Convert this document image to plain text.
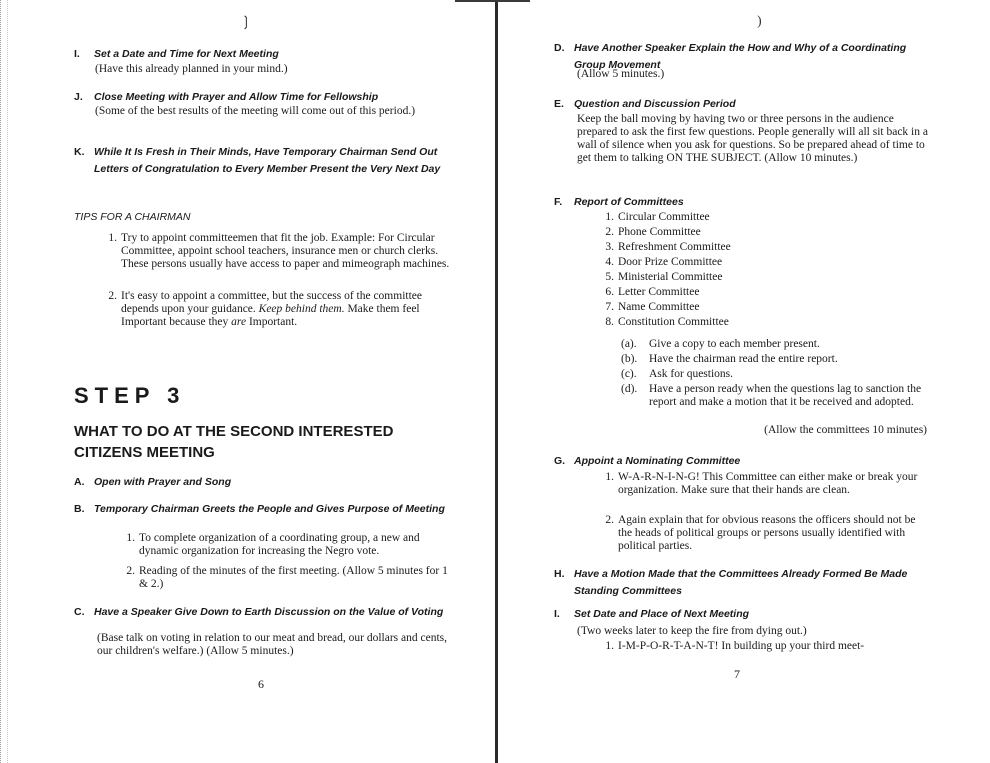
❳
I. Set a Date and Time for Next Meeting
(Have this already planned in your mind.)
J. Close Meeting with Prayer and Allow Time for Fellowship
(Some of the best results of the meeting will come out of this period.)
K. While It Is Fresh in Their Minds, Have Temporary Chairman Send Out Letters of Congratulation to Every Member Present the Very Next Day
TIPS FOR A CHAIRMAN
1. Try to appoint committeemen that fit the job. Example: For Circular Committee, appoint school teachers, insurance men or church clerks. These persons usually have access to paper and mimeograph machines.
2. It's easy to appoint a committee, but the success of the committee depends upon your guidance. Keep behind them. Make them feel Important because they are Important.
STEP 3
WHAT TO DO AT THE SECOND INTERESTED CITIZENS MEETING
A. Open with Prayer and Song
B. Temporary Chairman Greets the People and Gives Purpose of Meeting
1. To complete organization of a coordinating group, a new and dynamic organization for increasing the Negro vote.
2. Reading of the minutes of the first meeting. (Allow 5 minutes for 1 & 2.)
C. Have a Speaker Give Down to Earth Discussion on the Value of Voting
(Base talk on voting in relation to our meat and bread, our dollars and cents, our children's welfare.) (Allow 5 minutes.)
6
)
D. Have Another Speaker Explain the How and Why of a Coordinating Group Movement
(Allow 5 minutes.)
E. Question and Discussion Period
Keep the ball moving by having two or three persons in the audience prepared to ask the first few questions. People generally will all sit back in a wall of silence when you ask for questions. So be prepared ahead of time to get them to talking ON THE SUBJECT. (Allow 10 minutes.)
F. Report of Committees
1. Circular Committee
2. Phone Committee
3. Refreshment Committee
4. Door Prize Committee
5. Ministerial Committee
6. Letter Committee
7. Name Committee
8. Constitution Committee
(a).	Give a copy to each member present.
(b).	Have the chairman read the entire report.
(c).	Ask for questions.
(d).	Have a person ready when the questions lag to sanction the report and make a motion that it be received and adopted.
(Allow the committees 10 minutes)
G. Appoint a Nominating Committee
1. W-A-R-N-I-N-G! This Committee can either make or break your organization. Make sure that their hands are clean.
2. Again explain that for obvious reasons the officers should not be the heads of political groups or persons usually identified with political parties.
H. Have a Motion Made that the Committees Already Formed Be Made Standing Committees
I. Set Date and Place of Next Meeting
(Two weeks later to keep the fire from dying out.)
1. I-M-P-O-R-T-A-N-T! In building up your third meet-
7
